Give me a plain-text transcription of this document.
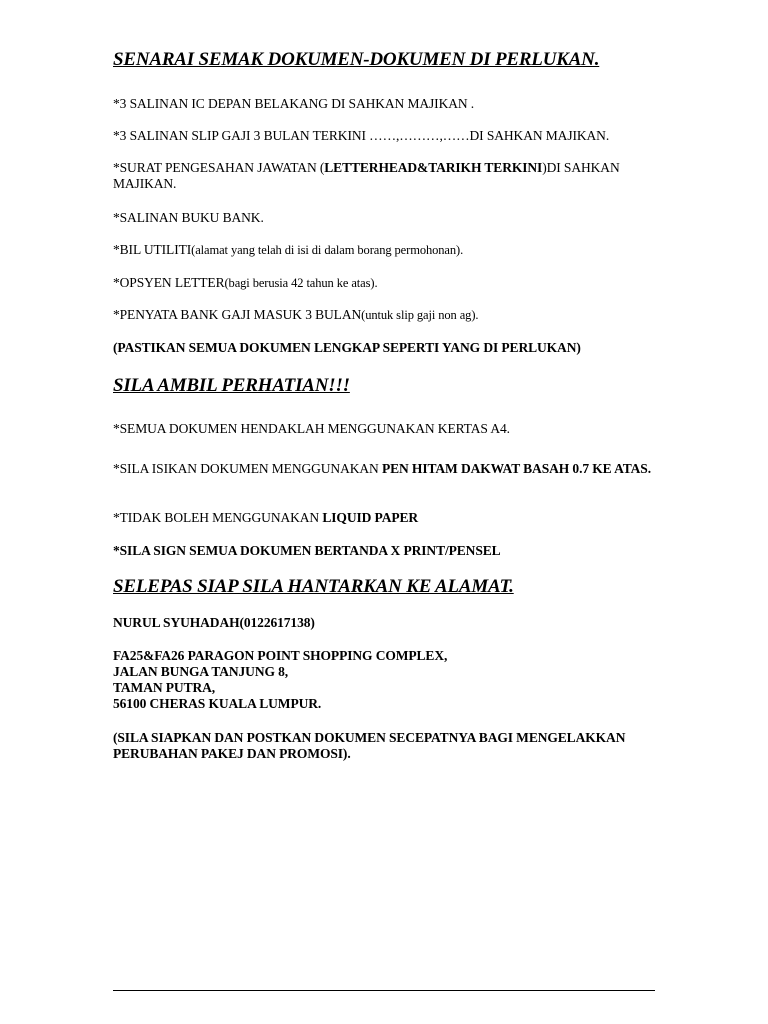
SENARAI SEMAK DOKUMEN-DOKUMEN DI PERLUKAN.
*3 SALINAN IC DEPAN BELAKANG DI SAHKAN MAJIKAN .
*3 SALINAN SLIP GAJI 3 BULAN TERKINI ……,………,……DI SAHKAN MAJIKAN.
*SURAT PENGESAHAN JAWATAN (LETTERHEAD&TARIKH TERKINI)DI SAHKAN MAJIKAN.
*SALINAN BUKU BANK.
*BIL UTILITI(alamat yang telah di isi di dalam borang permohonan).
*OPSYEN LETTER(bagi berusia 42 tahun ke atas).
*PENYATA BANK GAJI MASUK 3 BULAN(untuk slip gaji non ag).
(PASTIKAN SEMUA DOKUMEN LENGKAP SEPERTI YANG DI PERLUKAN)
SILA AMBIL PERHATIAN!!!
*SEMUA DOKUMEN HENDAKLAH MENGGUNAKAN KERTAS A4.
*SILA ISIKAN DOKUMEN MENGGUNAKAN PEN HITAM DAKWAT BASAH 0.7 KE ATAS.
*TIDAK BOLEH MENGGUNAKAN LIQUID PAPER
*SILA SIGN SEMUA DOKUMEN BERTANDA X PRINT/PENSEL
SELEPAS SIAP SILA HANTARKAN KE ALAMAT.
NURUL SYUHADAH(0122617138)
FA25&FA26 PARAGON POINT SHOPPING COMPLEX,
JALAN BUNGA TANJUNG 8,
TAMAN PUTRA,
56100 CHERAS KUALA LUMPUR.
(SILA SIAPKAN DAN POSTKAN DOKUMEN SECEPATNYA BAGI MENGELAKKAN PERUBAHAN PAKEJ DAN PROMOSI).
